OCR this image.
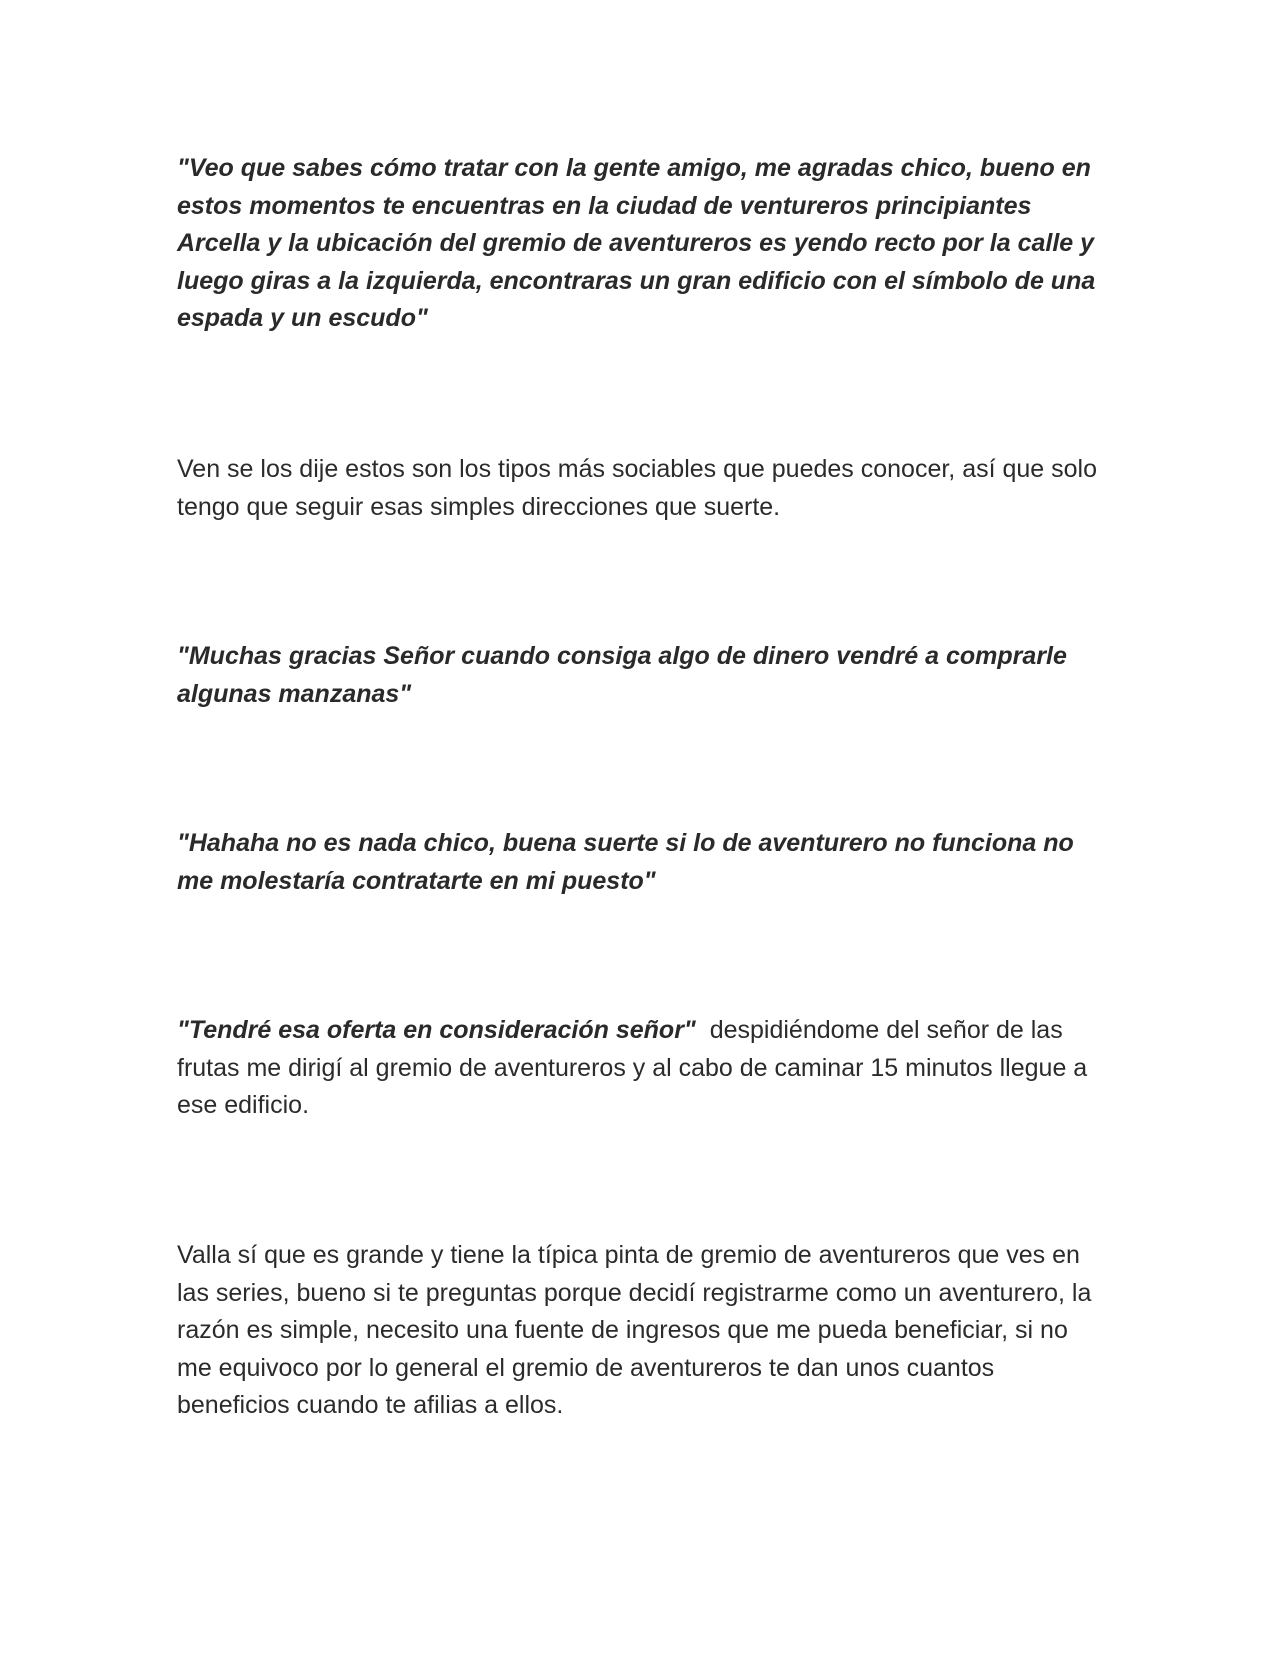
"Veo que sabes cómo tratar con la gente amigo, me agradas chico, bueno en estos momentos te encuentras en la ciudad de ventureros principiantes Arcella y la ubicación del gremio de aventureros es yendo recto por la calle y luego giras a la izquierda, encontraras un gran edificio con el símbolo de una espada y un escudo"

Ven se los dije estos son los tipos más sociables que puedes conocer, así que solo tengo que seguir esas simples direcciones que suerte.

"Muchas gracias Señor cuando consiga algo de dinero vendré a comprarle algunas manzanas"

"Hahaha no es nada chico, buena suerte si lo de aventurero no funciona no me molestaría contratarte en mi puesto"

"Tendré esa oferta en consideración señor" despidiéndome del señor de las frutas me dirigí al gremio de aventureros y al cabo de caminar 15 minutos llegue a ese edificio.

Valla sí que es grande y tiene la típica pinta de gremio de aventureros que ves en las series, bueno si te preguntas porque decidí registrarme como un aventurero, la razón es simple, necesito una fuente de ingresos que me pueda beneficiar, si no me equivoco por lo general el gremio de aventureros te dan unos cuantos beneficios cuando te afilias a ellos.
